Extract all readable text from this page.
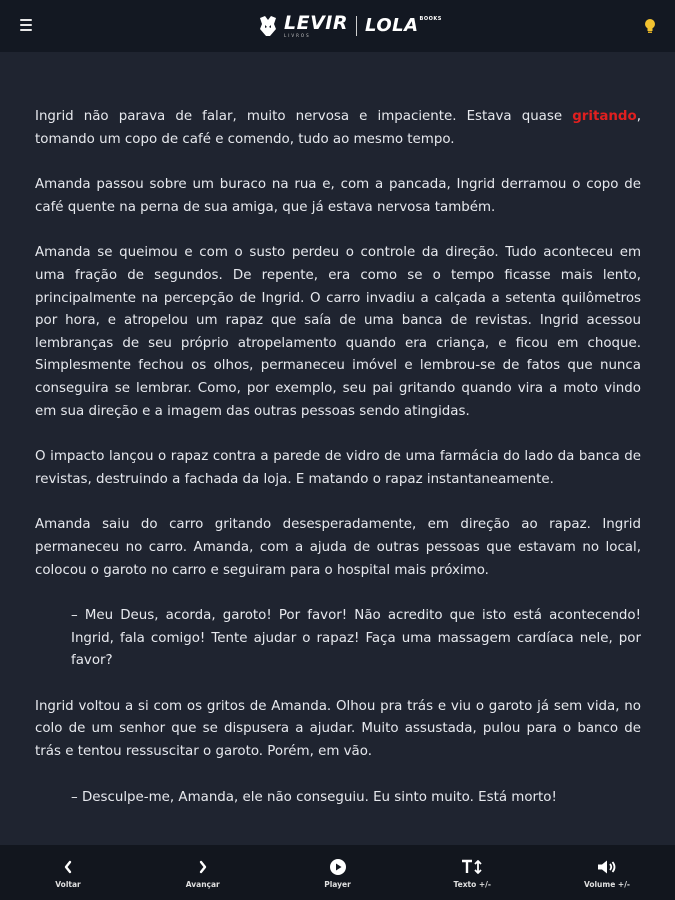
LEVIR
LIVROS	$LOLA^{BOOKS}$

Ingrid não parava de falar, muito nervosa e impaciente. Estava quase gritando, tomando um copo de café e comendo, tudo ao mesmo tempo.

Amanda passou sobre um buraco na rua e, com a pancada, Ingrid derramou o copo de café quente na perna de sua amiga, que já estava nervosa também.

Amanda se queimou e com o susto perdeu o controle da direção. Tudo aconteceu em uma fração de segundos. De repente, era como se o tempo ficasse mais lento, principalmente na percepção de Ingrid. O carro invadiu a calçada a setenta quilômetros por hora, e atropelou um rapaz que saía de uma banca de revistas. Ingrid acessou lembranças de seu próprio atropelamento quando era criança, e ficou em choque. Simplesmente fechou os olhos, permaneceu imóvel e lembrou-se de fatos que nunca conseguira se lembrar. Como, por exemplo, seu pai gritando quando vira a moto vindo em sua direção e a imagem das outras pessoas sendo atingidas.

O impacto lançou o rapaz contra a parede de vidro de uma farmácia do lado da banca de revistas, destruindo a fachada da loja. E matando o rapaz instantaneamente.

Amanda saiu do carro gritando desesperadamente, em direção ao rapaz. Ingrid permaneceu no carro. Amanda, com a ajuda de outras pessoas que estavam no local, colocou o garoto no carro e seguiram para o hospital mais próximo.

– Meu Deus, acorda, garoto! Por favor! Não acredito que isto está acontecendo! Ingrid, fala comigo! Tente ajudar o rapaz! Faça uma massagem cardíaca nele, por favor?

Ingrid voltou a si com os gritos de Amanda. Olhou pra trás e viu o garoto já sem vida, no colo de um senhor que se dispusera a ajudar. Muito assustada, pulou para o banco de trás e tentou ressuscitar o garoto. Porém, em vão.

– Desculpe-me, Amanda, ele não conseguiu. Eu sinto muito. Está morto!

Voltar	Avançar	Player	Texto +/-	Volume +/-
